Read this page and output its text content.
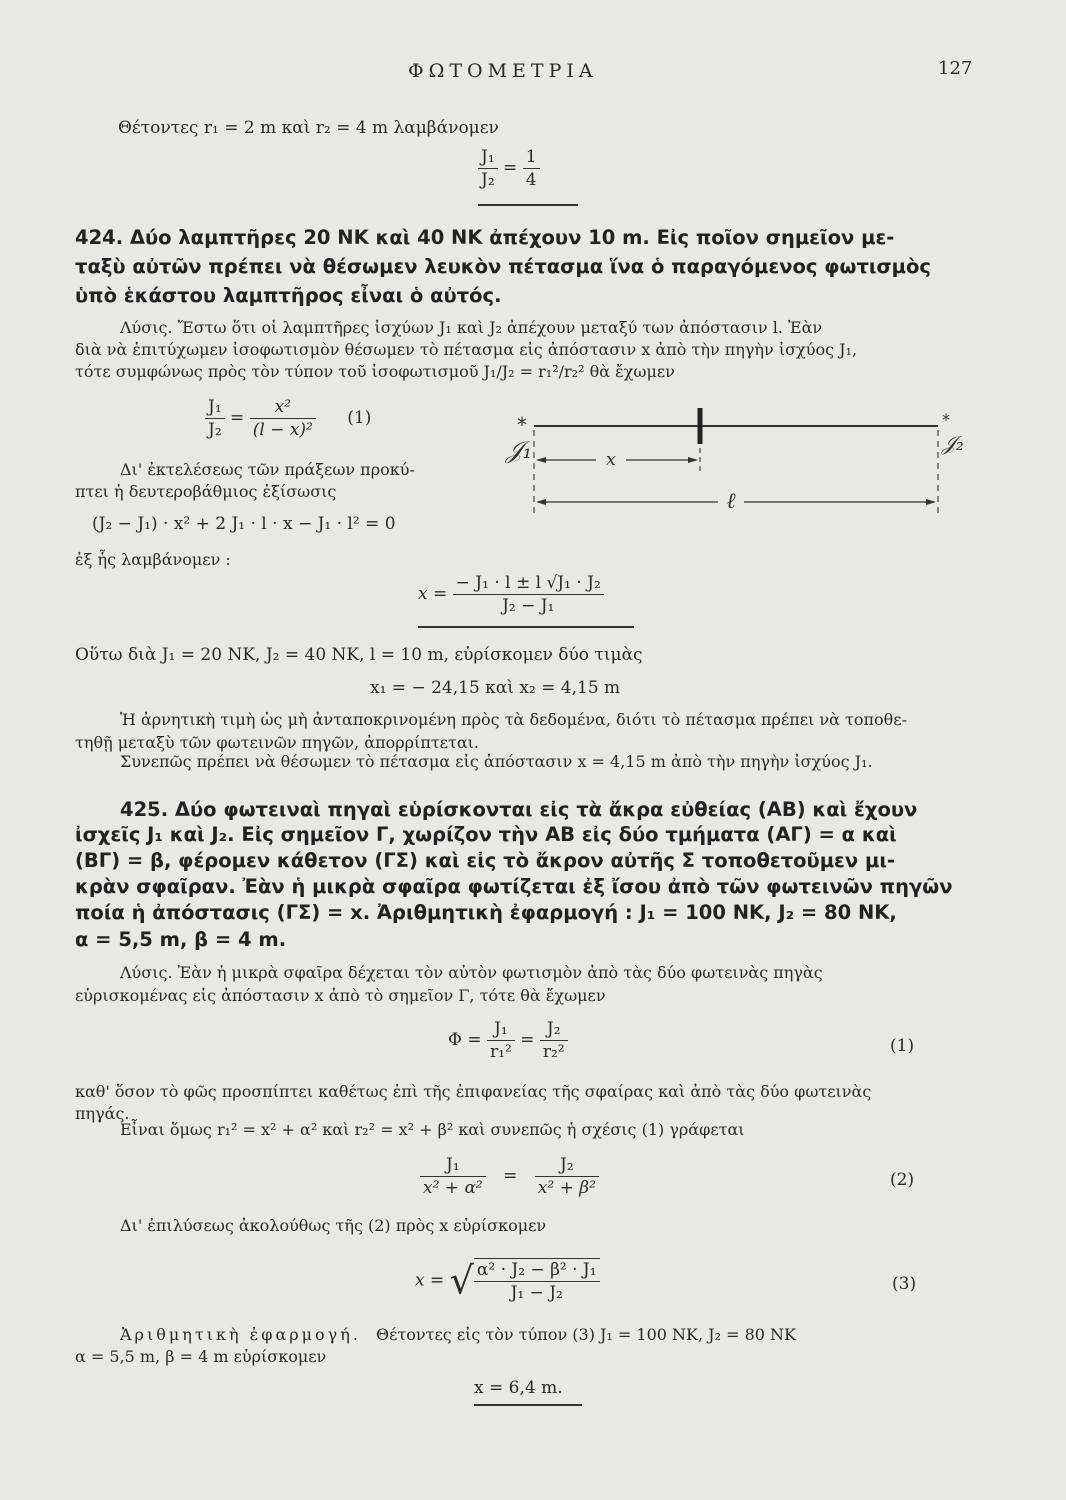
ΦΩΤΟΜΕΤΡΙΑ	127
Θέτοντες r₁ = 2 m καὶ r₂ = 4 m λαμβάνομεν
$\frac{\text{J₁}}{\text{J₂}} = \frac{1}{4}$
424. Δύο λαμπτῆρες 20 ΝΚ καὶ 40 ΝΚ ἀπέχουν 10 m. Εἰς ποῖον σημεῖον με-
ταξὺ αὐτῶν πρέπει νὰ θέσωμεν λευκὸν πέτασμα ἵνα ὁ παραγόμενος φωτισμὸς
ὑπὸ ἑκάστου λαμπτῆρος εἶναι ὁ αὐτός.
Λύσις. Ἔστω ὅτι οἱ λαμπτῆρες ἰσχύων J₁ καὶ J₂ ἀπέχουν μεταξύ των ἀπόστασιν l. Ἐὰν
διὰ νὰ ἐπιτύχωμεν ἰσοφωτισμὸν θέσωμεν τὸ πέτασμα εἰς ἀπόστασιν x ἀπὸ τὴν πηγὴν ἰσχύος J₁,
τότε συμφώνως πρὸς τὸν τύπον τοῦ ἰσοφωτισμοῦ J₁/J₂ = r₁²/r₂² θὰ ἔχωμεν
$\frac{\text{J₁}}{\text{J₂}} = \frac{\text{x²}}{\text{(l − x)²}} (1)$
Δι' ἐκτελέσεως τῶν πράξεων προκύ-
πτει ἡ δευτεροβάθμιος ἐξίσωσις
x
ℓ
*	*
𝒥₁	𝒥₂
(J₂ − J₁) · x² + 2 J₁ · l · x − J₁ · l² = 0
ἐξ ἧς λαμβάνομεν :
$x = \frac{\text{− J₁ · l ± l √J₁ · J₂}}{\text{J₂ − J₁}}$
Οὕτω διὰ J₁ = 20 ΝΚ, J₂ = 40 ΝΚ, l = 10 m, εὑρίσκομεν δύο τιμὰς
x₁ = − 24,15 καὶ x₂ = 4,15 m
Ἡ ἀρνητικὴ τιμὴ ὡς μὴ ἀνταποκρινομένη πρὸς τὰ δεδομένα, διότι τὸ πέτασμα πρέπει νὰ τοποθε-
τηθῇ μεταξὺ τῶν φωτεινῶν πηγῶν, ἀπορρίπτεται.
Συνεπῶς πρέπει νὰ θέσωμεν τὸ πέτασμα εἰς ἀπόστασιν x = 4,15 m ἀπὸ τὴν πηγὴν ἰσχύος J₁.
425. Δύο φωτειναὶ πηγαὶ εὑρίσκονται εἰς τὰ ἄκρα εὐθείας (ΑΒ) καὶ ἔχουν
ἰσχεῖς J₁ καὶ J₂. Εἰς σημεῖον Γ, χωρίζον τὴν ΑΒ εἰς δύο τμήματα (ΑΓ) = α καὶ
(ΒΓ) = β, φέρομεν κάθετον (ΓΣ) καὶ εἰς τὸ ἄκρον αὐτῆς Σ τοποθετοῦμεν μι-
κρὰν σφαῖραν. Ἐὰν ἡ μικρὰ σφαῖρα φωτίζεται ἐξ ἴσου ἀπὸ τῶν φωτεινῶν πηγῶν
ποία ἡ ἀπόστασις (ΓΣ) = x. Ἀριθμητικὴ ἐφαρμογή : J₁ = 100 ΝΚ, J₂ = 80 ΝΚ,
α = 5,5 m, β = 4 m.
Λύσις. Ἐὰν ἡ μικρὰ σφαῖρα δέχεται τὸν αὐτὸν φωτισμὸν ἀπὸ τὰς δύο φωτεινὰς πηγὰς
εὑρισκομένας εἰς ἀπόστασιν x ἀπὸ τὸ σημεῖον Γ, τότε θὰ ἔχωμεν
$\Phi = \frac{\text{J₁}}{\text{r₁²}} = \frac{\text{J₂}}{\text{r₂²}}$	(1)
καθ' ὅσον τὸ φῶς προσπίπτει καθέτως ἐπὶ τῆς ἐπιφανείας τῆς σφαίρας καὶ ἀπὸ τὰς δύο φωτεινὰς
πηγάς.
Εἶναι ὅμως r₁² = x² + α² καὶ r₂² = x² + β² καὶ συνεπῶς ἡ σχέσις (1) γράφεται
$\frac{\text{J₁}}{\text{x² + α²}} = \frac{\text{J₂}}{\text{x² + β²}}$	(2)
Δι' ἐπιλύσεως ἀκολούθως τῆς (2) πρὸς x εὑρίσκομεν
x = √ $\frac{\text{α² · J₂ − β² · J₁}}{\text{J₁ − J₂}}$	(3)
Ἀριθμητικὴ ἐφαρμογή. Θέτοντες εἰς τὸν τύπον (3) J₁ = 100 ΝΚ, J₂ = 80 ΝΚ
α = 5,5 m, β = 4 m εὑρίσκομεν
x = 6,4 m.
